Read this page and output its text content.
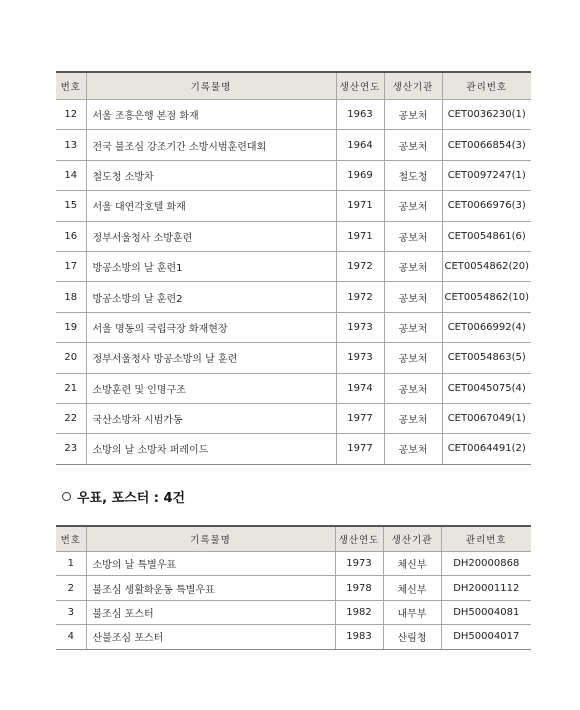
번호	기록물명	생산연도	생산기관	관리번호
12	서울 조흥은행 본점 화재	1963	공보처	CET0036230(1)
13	전국 불조심 강조기간 소방시범훈련대회	1964	공보처	CET0066854(3)
14	철도청 소방차	1969	철도청	CET0097247(1)
15	서울 대연각호텔 화재	1971	공보처	CET0066976(3)
16	정부서울청사 소방훈련	1971	공보처	CET0054861(6)
17	방공소방의 날 훈련1	1972	공보처	CET0054862(20)
18	방공소방의 날 훈련2	1972	공보처	CET0054862(10)
19	서울 명동의 국립극장 화재현장	1973	공보처	CET0066992(4)
20	정부서울청사 방공소방의 날 훈련	1973	공보처	CET0054863(5)
21	소방훈련 및 인명구조	1974	공보처	CET0045075(4)
22	국산소방차 시범가동	1977	공보처	CET0067049(1)
23	소방의 날 소방차 퍼레이드	1977	공보처	CET0064491(2)
우표, 포스터 : 4건
번호	기록물명	생산연도	생산기관	관리번호
1	소방의 날 특별우표	1973	체신부	DH20000868
2	불조심 생활화운동 특별우표	1978	체신부	DH20001112
3	불조심 포스터	1982	내무부	DH50004081
4	산불조심 포스터	1983	산림청	DH50004017
